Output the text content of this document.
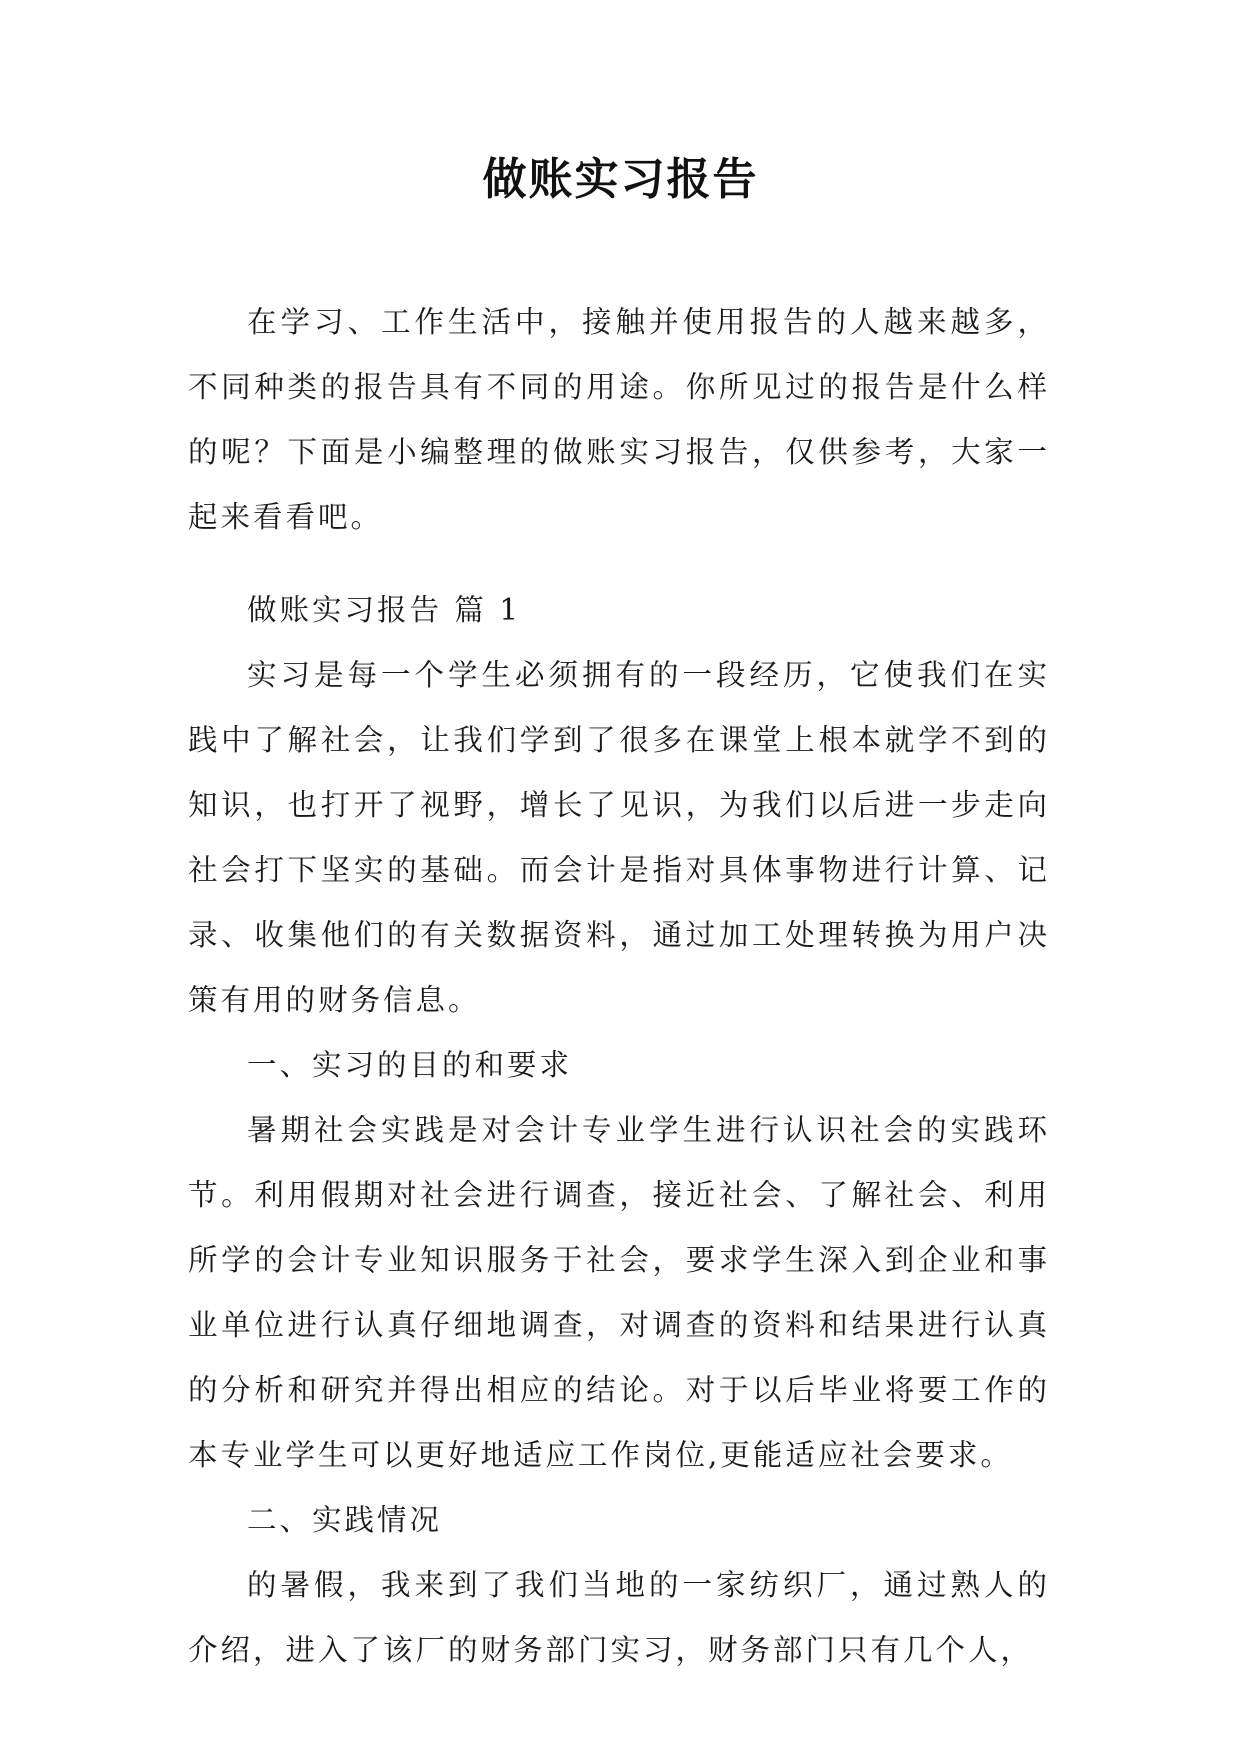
做账实习报告

在学习、工作生活中，接触并使用报告的人越来越多，不同种类的报告具有不同的用途。你所见过的报告是什么样的呢？下面是小编整理的做账实习报告，仅供参考，大家一起来看看吧。

做账实习报告 篇 1

实习是每一个学生必须拥有的一段经历，它使我们在实践中了解社会，让我们学到了很多在课堂上根本就学不到的知识，也打开了视野，增长了见识，为我们以后进一步走向社会打下坚实的基础。而会计是指对具体事物进行计算、记录、收集他们的有关数据资料，通过加工处理转换为用户决策有用的财务信息。

一、实习的目的和要求

暑期社会实践是对会计专业学生进行认识社会的实践环节。利用假期对社会进行调查，接近社会、了解社会、利用所学的会计专业知识服务于社会，要求学生深入到企业和事业单位进行认真仔细地调查，对调查的资料和结果进行认真的分析和研究并得出相应的结论。对于以后毕业将要工作的本专业学生可以更好地适应工作岗位,更能适应社会要求。

二、实践情况

的暑假，我来到了我们当地的一家纺织厂，通过熟人的介绍，进入了该厂的财务部门实习，财务部门只有几个人，
